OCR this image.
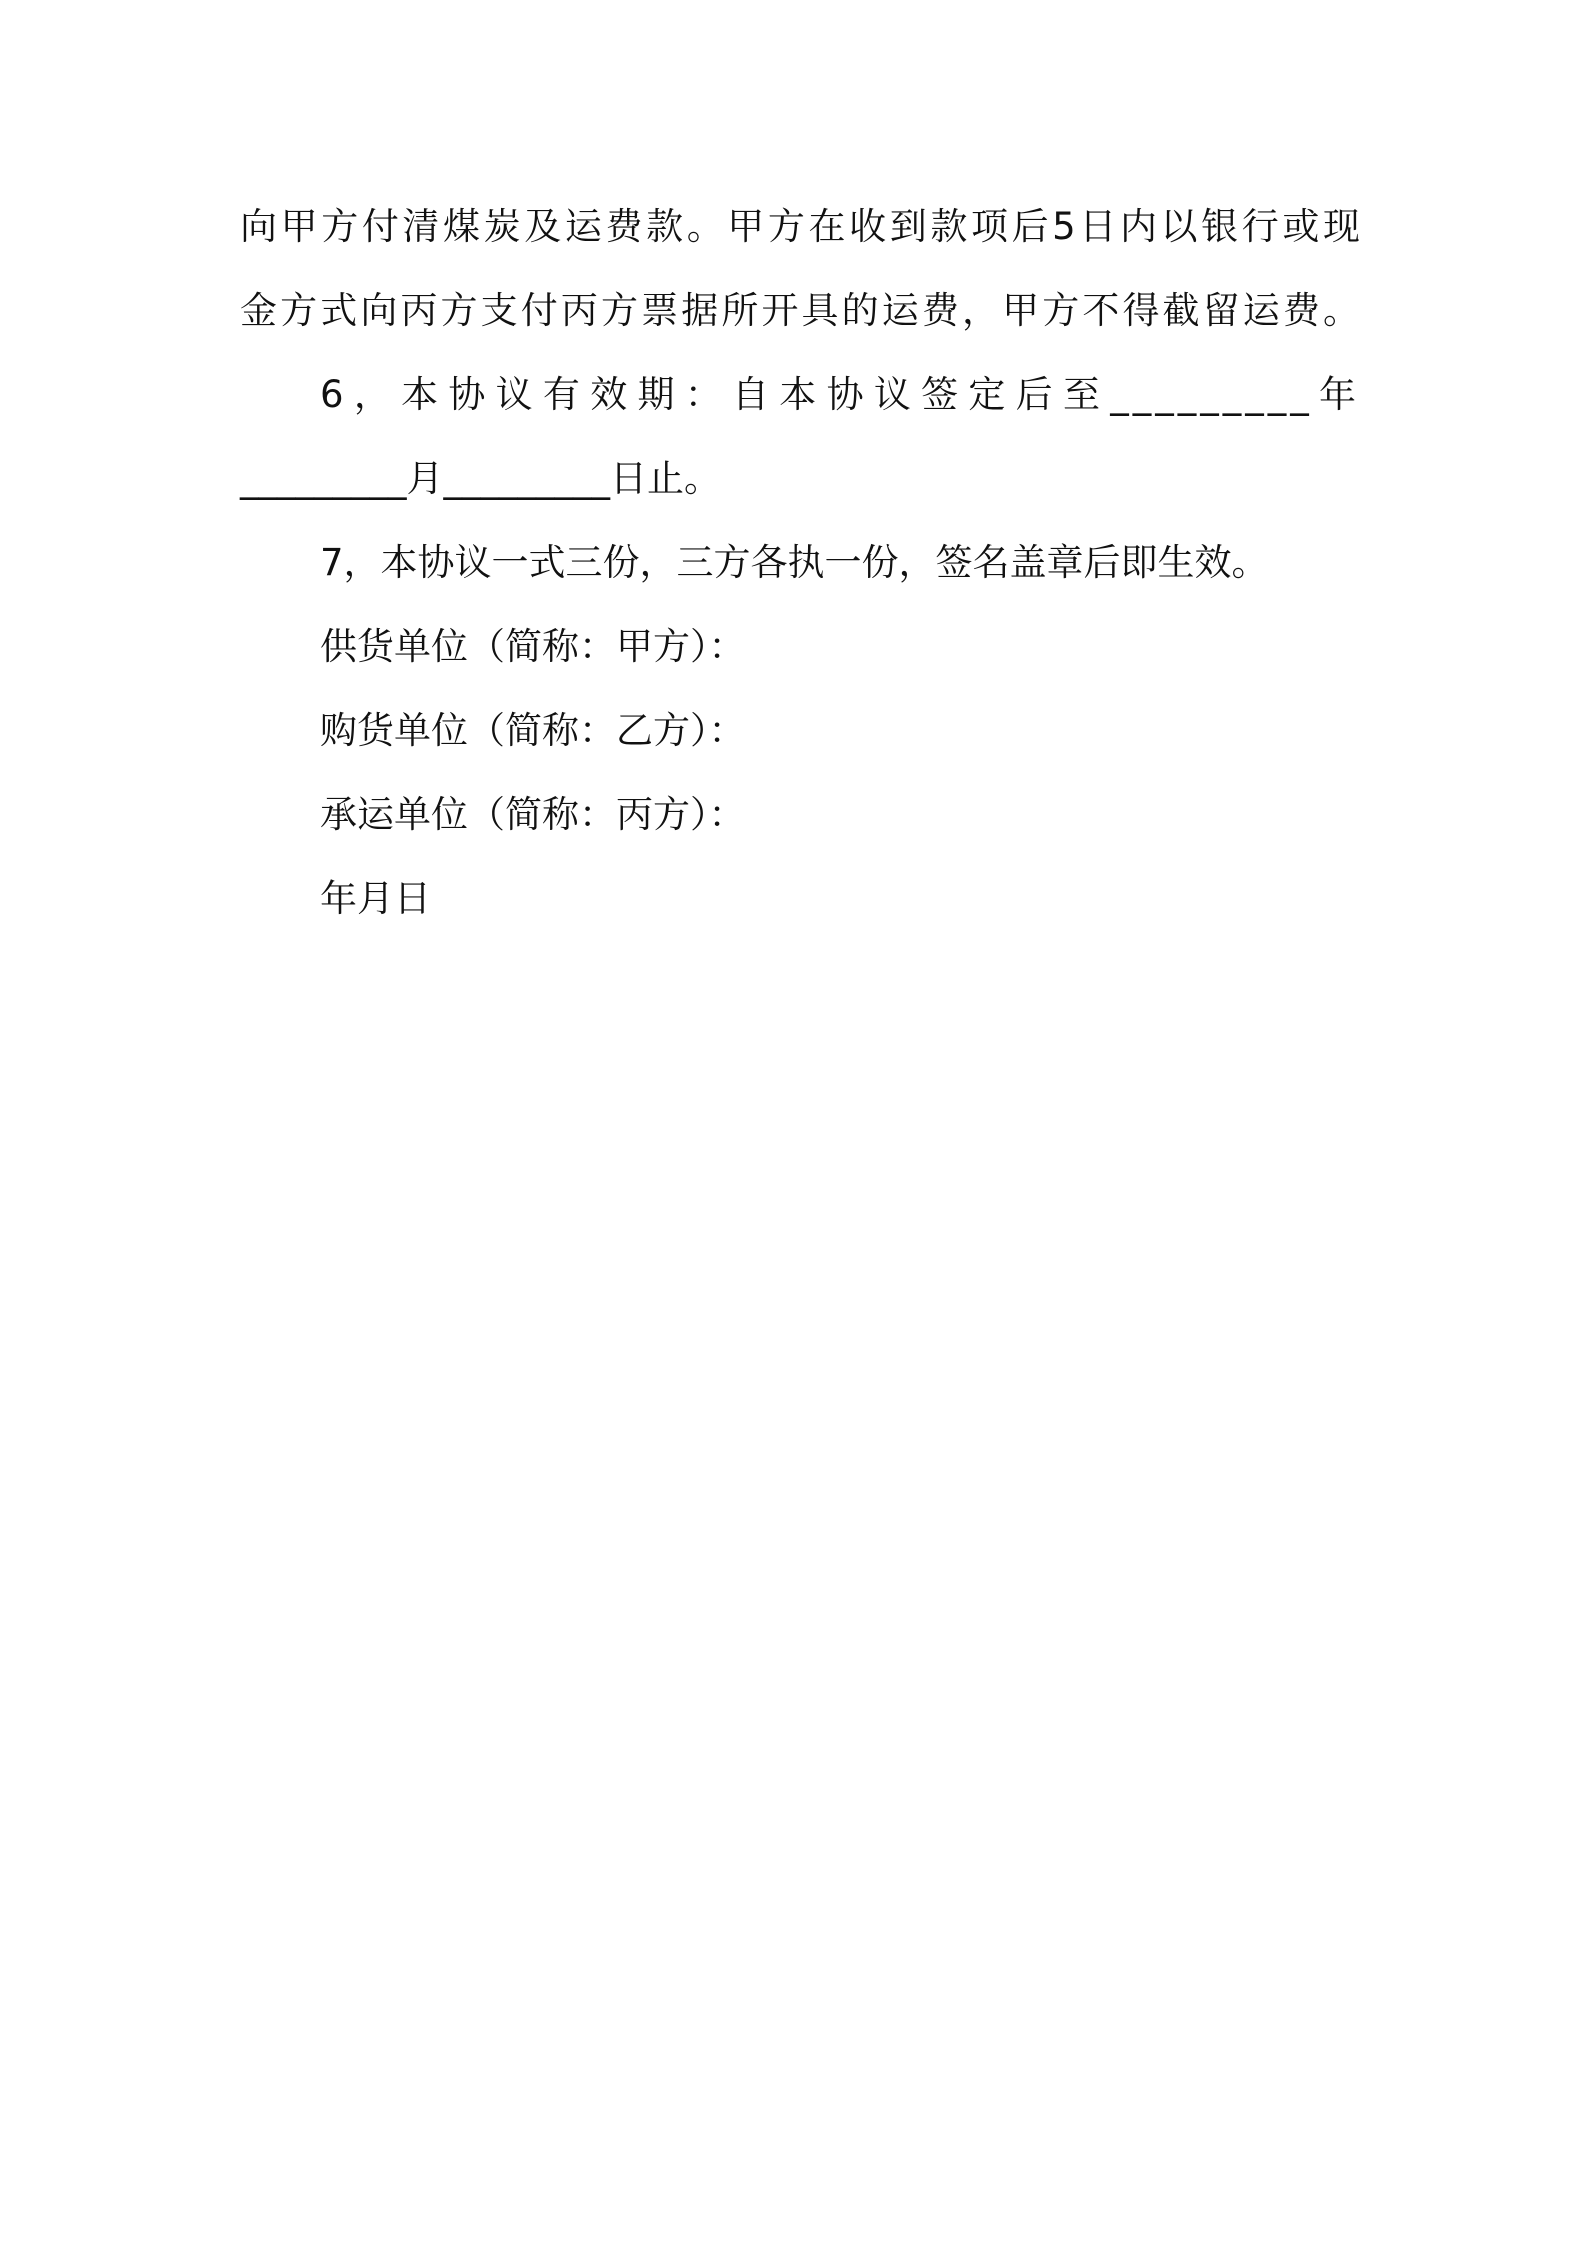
向甲方付清煤炭及运费款。甲方在收到款项后5日内以银行或现
金方式向丙方支付丙方票据所开具的运费，甲方不得截留运费。
6，本协议有效期：自本协议签定后至_________年
_________月_________日止。
7，本协议一式三份，三方各执一份，签名盖章后即生效。
供货单位（简称：甲方）：
购货单位（简称：乙方）：
承运单位（简称：丙方）：
年月日
